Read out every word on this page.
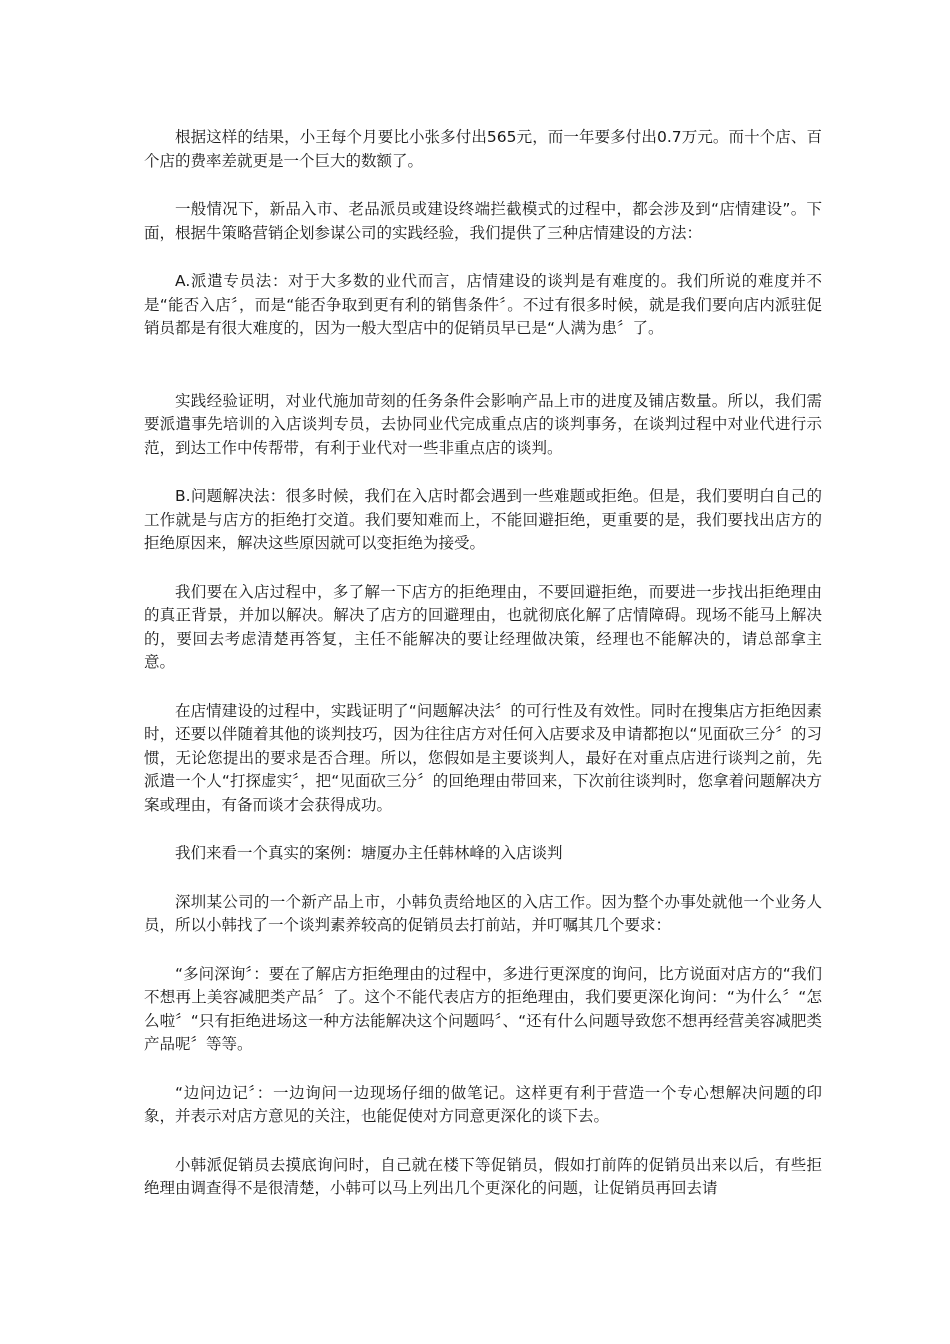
根据这样的结果，小王每个月要比小张多付出565元，而一年要多付出0.7万元。而十个店、百个店的费率差就更是一个巨大的数额了。

一般情况下，新品入市、老品派员或建设终端拦截模式的过程中，都会涉及到“店情建设”。下面，根据牛策略营销企划参谋公司的实践经验，我们提供了三种店情建设的方法：

A.派遣专员法：对于大多数的业代而言，店情建设的谈判是有难度的。我们所说的难度并不是“能否入店〞，而是“能否争取到更有利的销售条件〞。不过有很多时候，就是我们要向店内派驻促销员都是有很大难度的，因为一般大型店中的促销员早已是“人满为患〞了。

实践经验证明，对业代施加苛刻的任务条件会影响产品上市的进度及铺店数量。所以，我们需要派遣事先培训的入店谈判专员，去协同业代完成重点店的谈判事务，在谈判过程中对业代进行示范，到达工作中传帮带，有利于业代对一些非重点店的谈判。

B.问题解决法：很多时候，我们在入店时都会遇到一些难题或拒绝。但是，我们要明白自己的工作就是与店方的拒绝打交道。我们要知难而上，不能回避拒绝，更重要的是，我们要找出店方的拒绝原因来，解决这些原因就可以变拒绝为接受。

我们要在入店过程中，多了解一下店方的拒绝理由，不要回避拒绝，而要进一步找出拒绝理由的真正背景，并加以解决。解决了店方的回避理由，也就彻底化解了店情障碍。现场不能马上解决的，要回去考虑清楚再答复，主任不能解决的要让经理做决策，经理也不能解决的，请总部拿主意。

在店情建设的过程中，实践证明了“问题解决法〞的可行性及有效性。同时在搜集店方拒绝因素时，还要以伴随着其他的谈判技巧，因为往往店方对任何入店要求及申请都抱以“见面砍三分〞的习惯，无论您提出的要求是否合理。所以，您假如是主要谈判人，最好在对重点店进行谈判之前，先派遣一个人“打探虚实〞，把“见面砍三分〞的回绝理由带回来，下次前往谈判时，您拿着问题解决方案或理由，有备而谈才会获得成功。

我们来看一个真实的案例：塘厦办主任韩林峰的入店谈判

深圳某公司的一个新产品上市，小韩负责给地区的入店工作。因为整个办事处就他一个业务人员，所以小韩找了一个谈判素养较高的促销员去打前站，并叮嘱其几个要求：

“多问深询〞：要在了解店方拒绝理由的过程中，多进行更深度的询问，比方说面对店方的“我们不想再上美容减肥类产品〞了。这个不能代表店方的拒绝理由，我们要更深化询问：“为什么〞“怎么啦〞“只有拒绝进场这一种方法能解决这个问题吗〞、“还有什么问题导致您不想再经营美容减肥类产品呢〞等等。

“边问边记〞：一边询问一边现场仔细的做笔记。这样更有利于营造一个专心想解决问题的印象，并表示对店方意见的关注，也能促使对方同意更深化的谈下去。

小韩派促销员去摸底询问时，自己就在楼下等促销员，假如打前阵的促销员出来以后，有些拒绝理由调查得不是很清楚，小韩可以马上列出几个更深化的问题，让促销员再回去请
